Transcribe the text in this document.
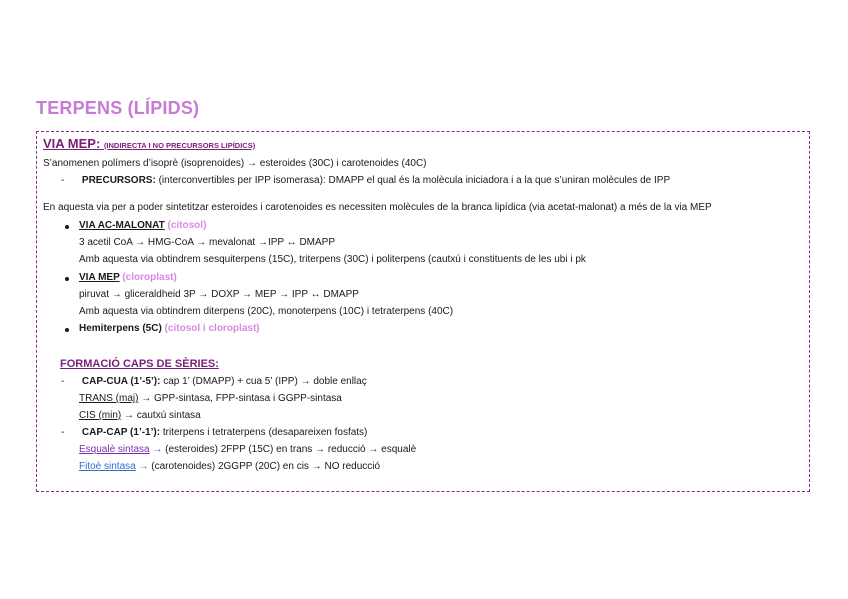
TERPENS (LÍPIDS)
VIA MEP: (INDIRECTA I NO PRECURSORS LIPÍDICS)
S’anomenen polímers d’isoprè (isoprenoides) → esteroides (30C) i carotenoides (40C)
- PRECURSORS: (interconvertibles per IPP isomerasa): DMAPP el qual és la molècula iniciadora i a la que s’uniran molècules de IPP
En aquesta via per a poder sintetitzar esteroides i carotenoides es necessiten molècules de la branca lipídica (via acetat-malonat) a més de la via MEP
VIA AC-MALONAT (citosol)
3 acetil CoA → HMG-CoA → mevalonat →IPP ↔ DMAPP
Amb aquesta via obtindrem sesquiterpens (15C), triterpens (30C) i politerpens (cautxú i constituents de les ubi i pk
VIA MEP (cloroplast)
piruvat → gliceraldheid 3P → DOXP → MEP → IPP ↔ DMAPP
Amb aquesta via obtindrem diterpens (20C), monoterpens (10C) i tetraterpens (40C)
Hemiterpens (5C) (citosol i cloroplast)
FORMACIÓ CAPS DE SÈRIES:
- CAP-CUA (1’-5’): cap 1’ (DMAPP) + cua 5’ (IPP) → doble enllaç
TRANS (maj) → GPP-sintasa, FPP-sintasa i GGPP-sintasa
CIS (min) → cautxú sintasa
- CAP-CAP (1’-1’): triterpens i tetraterpens (desapareixen fosfats)
Esqualè sintasa → (esteroides) 2FPP (15C) en trans → reducció → esqualè
Fitoè sintasa → (carotenoides) 2GGPP (20C) en cis → NO reducció
